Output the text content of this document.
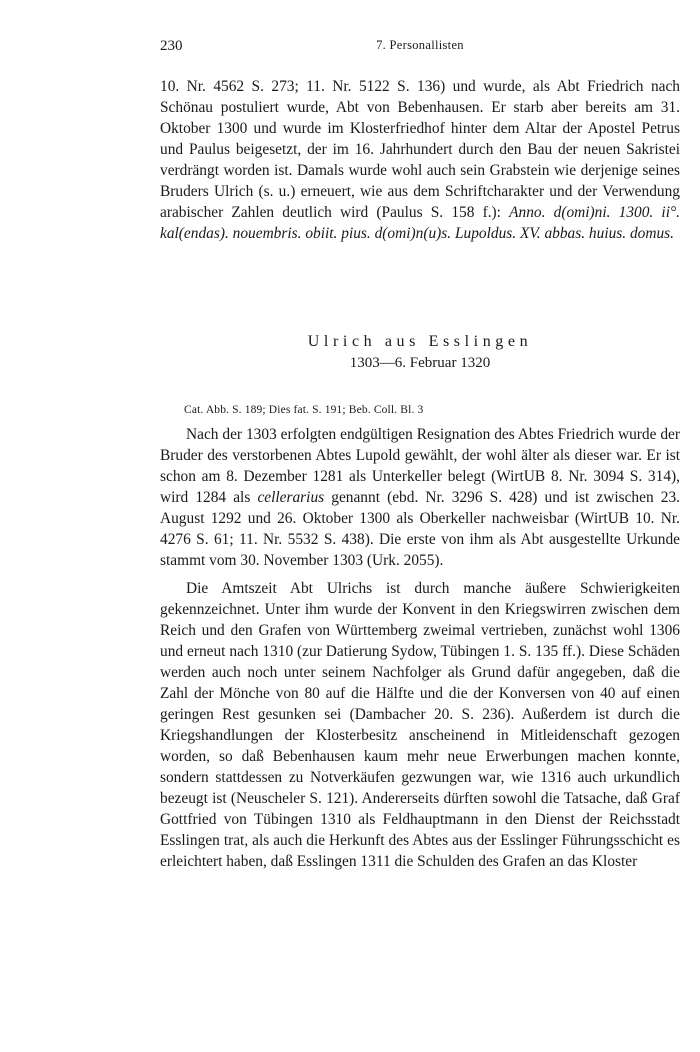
230	7. Personallisten

10. Nr. 4562 S. 273; 11. Nr. 5122 S. 136) und wurde, als Abt Friedrich nach Schönau postuliert wurde, Abt von Bebenhausen. Er starb aber bereits am 31. Oktober 1300 und wurde im Klosterfriedhof hinter dem Altar der Apostel Petrus und Paulus beigesetzt, der im 16. Jahrhundert durch den Bau der neuen Sakristei verdrängt worden ist. Damals wurde wohl auch sein Grabstein wie derjenige seines Bruders Ulrich (s. u.) erneuert, wie aus dem Schriftcharakter und der Verwendung arabischer Zahlen deutlich wird (Paulus S. 158 f.): Anno. d(omi)ni. 1300. ii°. kal(endas). nouembris. obiit. pius. d(omi)n(u)s. Lupoldus. XV. abbas. huius. domus.

Ulrich aus Esslingen
1303—6. Februar 1320
Cat. Abb. S. 189; Dies fat. S. 191; Beb. Coll. Bl. 3

Nach der 1303 erfolgten endgültigen Resignation des Abtes Friedrich wurde der Bruder des verstorbenen Abtes Lupold gewählt, der wohl älter als dieser war. Er ist schon am 8. Dezember 1281 als Unterkeller belegt (WirtUB 8. Nr. 3094 S. 314), wird 1284 als cellerarius genannt (ebd. Nr. 3296 S. 428) und ist zwischen 23. August 1292 und 26. Oktober 1300 als Oberkeller nachweisbar (WirtUB 10. Nr. 4276 S. 61; 11. Nr. 5532 S. 438). Die erste von ihm als Abt ausgestellte Urkunde stammt vom 30. November 1303 (Urk. 2055).

Die Amtszeit Abt Ulrichs ist durch manche äußere Schwierigkeiten gekennzeichnet. Unter ihm wurde der Konvent in den Kriegswirren zwischen dem Reich und den Grafen von Württemberg zweimal vertrieben, zunächst wohl 1306 und erneut nach 1310 (zur Datierung Sydow, Tübingen 1. S. 135 ff.). Diese Schäden werden auch noch unter seinem Nachfolger als Grund dafür angegeben, daß die Zahl der Mönche von 80 auf die Hälfte und die der Konversen von 40 auf einen geringen Rest gesunken sei (Dambacher 20. S. 236). Außerdem ist durch die Kriegshandlungen der Klosterbesitz anscheinend in Mitleidenschaft gezogen worden, so daß Bebenhausen kaum mehr neue Erwerbungen machen konnte, sondern stattdessen zu Notverkäufen gezwungen war, wie 1316 auch urkundlich bezeugt ist (Neuscheler S. 121). Andererseits dürften sowohl die Tatsache, daß Graf Gottfried von Tübingen 1310 als Feldhauptmann in den Dienst der Reichsstadt Esslingen trat, als auch die Herkunft des Abtes aus der Esslinger Führungsschicht es erleichtert haben, daß Esslingen 1311 die Schulden des Grafen an das Kloster
